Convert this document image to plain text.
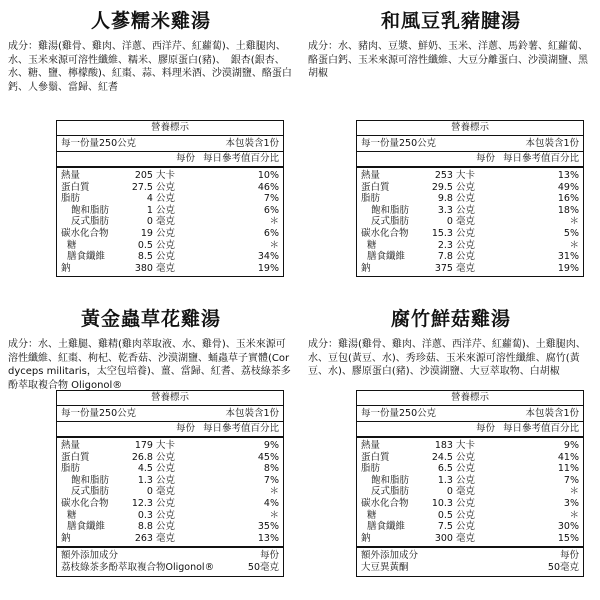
人蔘糯米雞湯
成分：雞湯(雞骨、雞肉、洋蔥、西洋芹、紅蘿蔔)、土雞腿肉、水、玉米來源可溶性纖維、糯米、膠原蛋白(豬)、　銀杏(銀杏、水、糖、鹽、檸檬酸)、紅棗、蒜、料理米酒、沙漠湖鹽、酪蛋白鈣、人參鬚、當歸、紅耆
營養標示
每一份量250公克	本包裝含1份
每份 每日參考值百分比
熱量	205 大卡	10%
蛋白質	27.5 公克	46%
脂肪	4 公克	7%
飽和脂肪	1 公克	6%
反式脂肪	0 毫克	＊
碳水化合物	19 公克	6%
糖	0.5 公克	＊
膳食纖維	8.5 公克	34%
鈉	380 毫克	19%
和風豆乳豬腱湯
成分：水、豬肉、豆漿、鮮奶、玉米、洋蔥、馬鈴薯、紅蘿蔔、酪蛋白鈣、玉米來源可溶性纖維、大豆分離蛋白、沙漠湖鹽、黑胡椒
營養標示
每一份量250公克	本包裝含1份
每份 每日參考值百分比
熱量	253 大卡	13%
蛋白質	29.5 公克	49%
脂肪	9.8 公克	16%
飽和脂肪	3.3 公克	18%
反式脂肪	0 毫克	＊
碳水化合物	15.3 公克	5%
糖	2.3 公克	＊
膳食纖維	7.8 公克	31%
鈉	375 毫克	19%
黃金蟲草花雞湯
成分：水、土雞腿、雞精(雞肉萃取液、水、雞骨)、玉米來源可溶性纖維、紅棗、枸杞、乾香菇、沙漠湖鹽、蛹蟲草子實體(Cordyceps militaris，太空包培養)、薑、當歸、紅耆、荔枝綠茶多酚萃取複合物 Oligonol®
營養標示
每一份量250公克	本包裝含1份
每份 每日參考值百分比
熱量	179 大卡	9%
蛋白質	26.8 公克	45%
脂肪	4.5 公克	8%
飽和脂肪	1.3 公克	7%
反式脂肪	0 毫克	＊
碳水化合物	12.3 公克	4%
糖	0.3 公克	＊
膳食纖維	8.8 公克	35%
鈉	263 毫克	13%
額外添加成分	每份
荔枝綠茶多酚萃取複合物Oligonol®	50毫克
腐竹鮮菇雞湯
成分：雞湯(雞骨、雞肉、洋蔥、西洋芹、紅蘿蔔)、土雞腿肉、水、豆包(黃豆、水)、秀珍菇、玉米來源可溶性纖維、腐竹(黃豆、水)、膠原蛋白(豬)、沙漠湖鹽、大豆萃取物、白胡椒
營養標示
每一份量250公克	本包裝含1份
每份 每日參考值百分比
熱量	183 大卡	9%
蛋白質	24.5 公克	41%
脂肪	6.5 公克	11%
飽和脂肪	1.3 公克	7%
反式脂肪	0 毫克	＊
碳水化合物	10.3 公克	3%
糖	0.5 公克	＊
膳食纖維	7.5 公克	30%
鈉	300 毫克	15%
額外添加成分	每份
大豆異黃酮	50毫克
